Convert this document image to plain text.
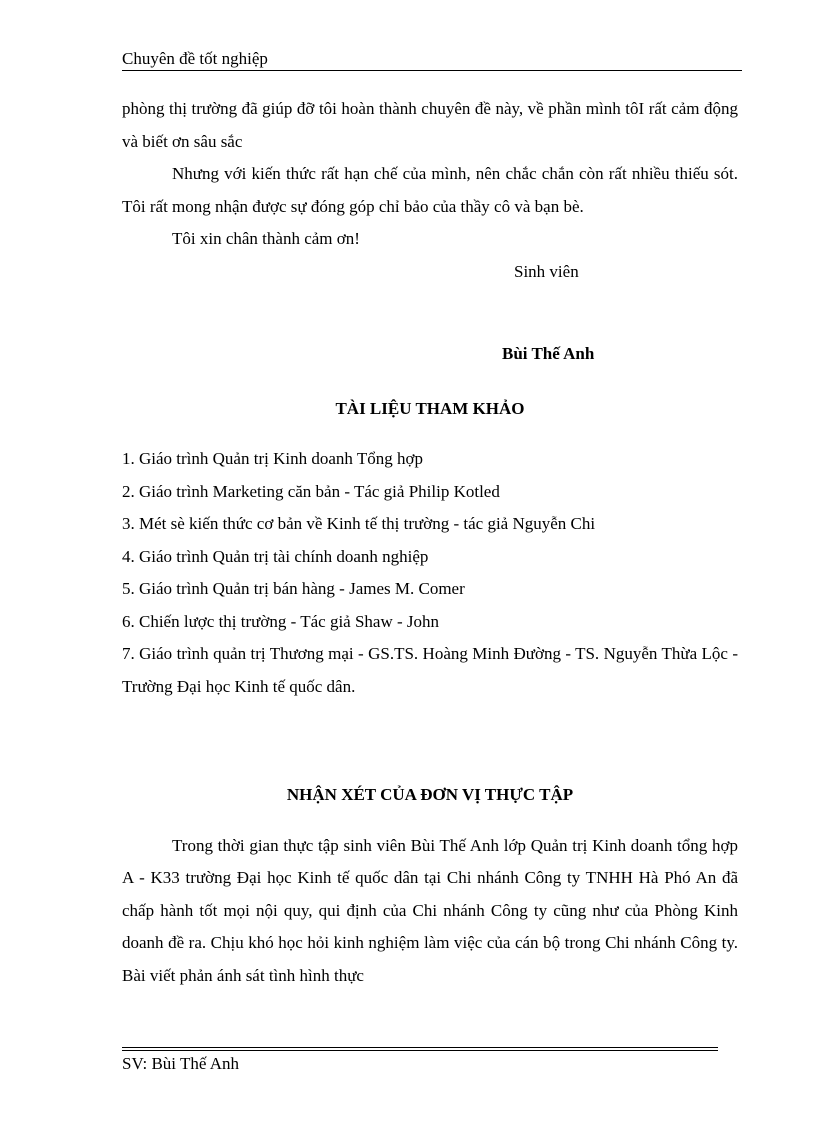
Chuyên đề tốt nghiệp

phòng thị trường đã giúp đỡ tôi hoàn thành chuyên đề này, về phần mình tôI rất cảm động và biết ơn sâu sắc

Nhưng với kiến thức rất hạn chế của mình, nên chắc chắn còn rất nhiều thiếu sót. Tôi rất mong nhận được sự đóng góp chỉ bảo của thầy cô và bạn bè.

Tôi xin chân thành cảm ơn!

Sinh viên

Bùi Thế Anh

TÀI LIỆU THAM KHẢO
1. Giáo trình Quản trị Kinh doanh Tổng hợp
2. Giáo trình Marketing căn bản - Tác giả Philip Kotled
3. Mét sè kiến thức cơ bản về Kinh tế thị trường - tác giả Nguyễn Chi
4. Giáo trình Quản trị tài chính doanh nghiệp
5. Giáo trình Quản trị bán hàng - James M. Comer
6. Chiến lược thị trường - Tác giả Shaw - John
7. Giáo trình quản trị Thương mại - GS.TS. Hoàng Minh Đường - TS. Nguyễn Thừa Lộc - Trường Đại học Kinh tế quốc dân.
NHẬN XÉT CỦA ĐƠN VỊ THỰC TẬP

Trong thời gian thực tập sinh viên Bùi Thế Anh lớp Quản trị Kinh doanh tổng hợp A - K33 trường Đại học Kinh tế quốc dân tại Chi nhánh Công ty TNHH Hà Phó An đã chấp hành tốt mọi nội quy, qui định của Chi nhánh Công ty cũng như của Phòng Kinh doanh đề ra. Chịu khó học hỏi kinh nghiệm làm việc của cán bộ trong Chi nhánh Công ty. Bài viết phản ánh sát tình hình thực

SV: Bùi Thế Anh
